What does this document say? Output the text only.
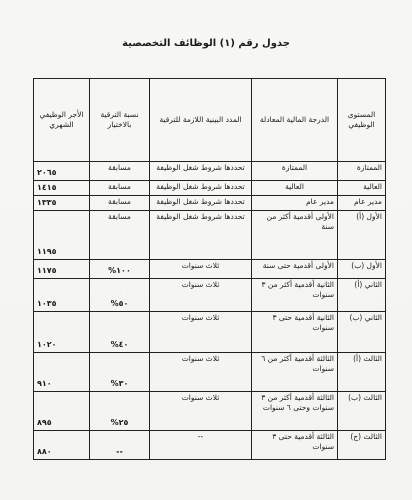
جدول رقم (١) الوظائف التخصصية
المستوى الوظيفي	الدرجة المالية المعادلة	المدد البينية اللازمة للترقية	نسبة الترقية بالاختيار	الأجر الوظيفي الشهري
الممتازة	الممتازة	تحددها شروط شغل الوظيفة	مسابقة	٢٠٦٥
العالية	العالية	تحددها شروط شغل الوظيفة	مسابقة	١٤١٥
مدير عام	مدير عام	تحددها شروط شغل الوظيفة	مسابقة	١٣٣٥
الأول (أ)	الأولى أقدمية أكثر من سنة	تحددها شروط شغل الوظيفة	مسابقة	١١٩٥
الأول (ب)	الأولى أقدمية حتى سنة	ثلاث سنوات	١٠٠%	١١٧٥
الثاني (أ)	الثانية أقدمية أكثر من ٣ سنوات	ثلاث سنوات	٥٠%	١٠٣٥
الثاني (ب)	الثانية أقدمية حتى ٣ سنوات	ثلاث سنوات	٤٠%	١٠٢٠
الثالث (أ)	الثالثة أقدمية أكثر من ٦ سنوات	ثلاث سنوات	٣٠%	٩١٠
الثالث (ب)	الثالثة أقدمية أكثر من ٣ سنوات وحتى ٦ سنوات	ثلاث سنوات	٢٥%	٨٩٥
الثالث (ج)	الثالثة أقدمية حتى ٣ سنوات	--	--	٨٨٠
